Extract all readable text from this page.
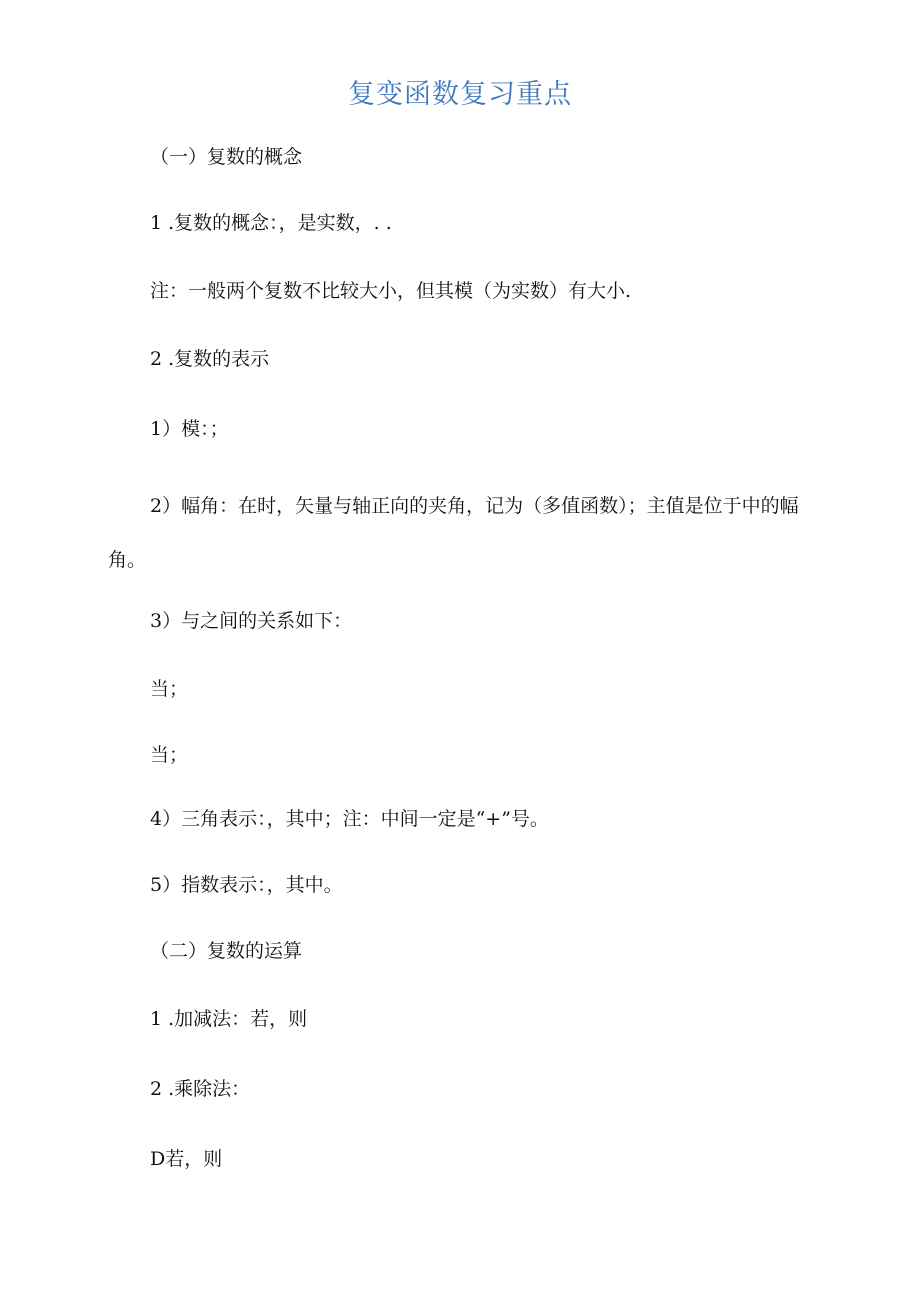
复变函数复习重点

（一）复数的概念

1 .复数的概念：，是实数，. .

注：一般两个复数不比较大小，但其模（为实数）有大小.

2 .复数的表示

1）模：；

2）幅角：在时，矢量与轴正向的夹角，记为（多值函数）；主值是位于中的幅角。

3）与之间的关系如下：

当；

当；

4）三角表示：，其中；注：中间一定是“+”号。

5）指数表示：，其中。

（二）复数的运算

1 .加减法：若，则

2 .乘除法：

D若，则
